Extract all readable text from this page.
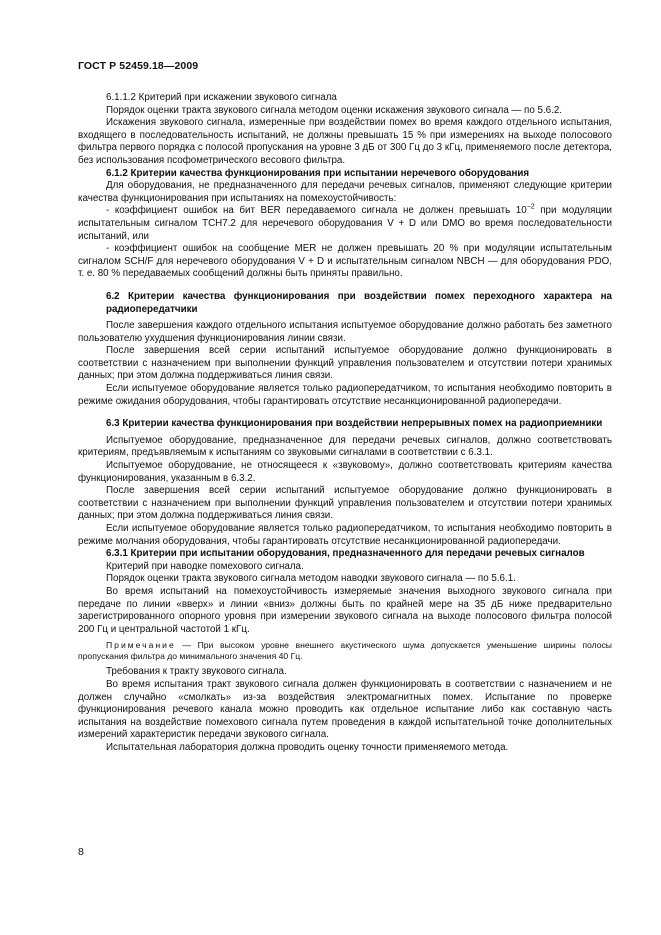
ГОСТ Р 52459.18—2009

6.1.1.2 Критерий при искажении звукового сигнала

Порядок оценки тракта звукового сигнала методом оценки искажения звукового сигнала — по 5.6.2.

Искажения звукового сигнала, измеренные при воздействии помех во время каждого отдельного испытания, входящего в последовательность испытаний, не должны превышать 15 % при измерениях на выходе полосового фильтра первого порядка с полосой пропускания на уровне 3 дБ от 300 Гц до 3 кГц, применяемого после детектора, без использования псофометрического весового фильтра.

6.1.2 Критерии качества функционирования при испытании неречевого оборудования

Для оборудования, не предназначенного для передачи речевых сигналов, применяют следующие критерии качества функционирования при испытаниях на помехоустойчивость:

- коэффициент ошибок на бит BER передаваемого сигнала не должен превышать $10^{-2}$ при модуляции испытательным сигналом TCH7.2 для неречевого оборудования V + D или DMO во время последовательности испытаний, или

- коэффициент ошибок на сообщение MER не должен превышать 20 % при модуляции испытательным сигналом SCH/F для неречевого оборудования V + D и испытательным сигналом NBCH — для оборудования PDO, т. е. 80 % передаваемых сообщений должны быть приняты правильно.

6.2 Критерии качества функционирования при воздействии помех переходного характера на радиопередатчики

После завершения каждого отдельного испытания испытуемое оборудование должно работать без заметного пользователю ухудшения функционирования линии связи.

После завершения всей серии испытаний испытуемое оборудование должно функционировать в соответствии с назначением при выполнении функций управления пользователем и отсутствии потери хранимых данных; при этом должна поддерживаться линия связи.

Если испытуемое оборудование является только радиопередатчиком, то испытания необходимо повторить в режиме ожидания оборудования, чтобы гарантировать отсутствие несанкционированной радиопередачи.

6.3 Критерии качества функционирования при воздействии непрерывных помех на радиоприемники

Испытуемое оборудование, предназначенное для передачи речевых сигналов, должно соответствовать критериям, предъявляемым к испытаниям со звуковыми сигналами в соответствии с 6.3.1.

Испытуемое оборудование, не относящееся к «звуковому», должно соответствовать критериям качества функционирования, указанным в 6.3.2.

После завершения всей серии испытаний испытуемое оборудование должно функционировать в соответствии с назначением при выполнении функций управления пользователем и отсутствии потери хранимых данных; при этом должна поддерживаться линия связи.

Если испытуемое оборудование является только радиопередатчиком, то испытания необходимо повторить в режиме молчания оборудования, чтобы гарантировать отсутствие несанкционированной радиопередачи.

6.3.1 Критерии при испытании оборудования, предназначенного для передачи речевых сигналов

Критерий при наводке помехового сигнала.

Порядок оценки тракта звукового сигнала методом наводки звукового сигнала — по 5.6.1.

Во время испытаний на помехоустойчивость измеряемые значения выходного звукового сигнала при передаче по линии «вверх» и линии «вниз» должны быть по крайней мере на 35 дБ ниже предварительно зарегистрированного опорного уровня при измерении звукового сигнала на выходе полосового фильтра полосой 200 Гц и центральной частотой 1 кГц.

Примечание — При высоком уровне внешнего акустического шума допускается уменьшение ширины полосы пропускания фильтра до минимального значения 40 Гц.

Требования к тракту звукового сигнала.

Во время испытания тракт звукового сигнала должен функционировать в соответствии с назначением и не должен случайно «смолкать» из-за воздействия электромагнитных помех. Испытание по проверке функционирования речевого канала можно проводить как отдельное испытание либо как составную часть испытания на воздействие помехового сигнала путем проведения в каждой испытательной точке дополнительных измерений характеристик передачи звукового сигнала.

Испытательная лаборатория должна проводить оценку точности применяемого метода.

8
